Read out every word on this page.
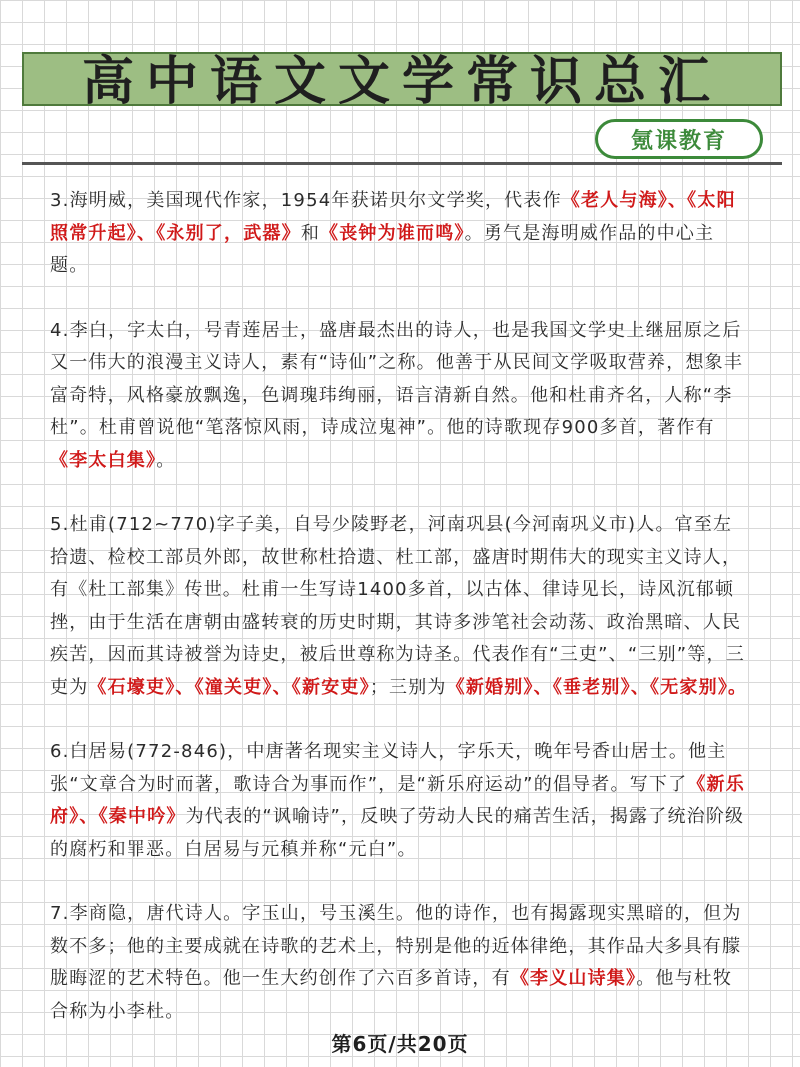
高中语文文学常识总汇
氪课教育

3.海明威，美国现代作家，1954年获诺贝尔文学奖，代表作《老人与海》、《太阳照常升起》、《永别了，武器》和《丧钟为谁而鸣》。勇气是海明威作品的中心主题。

4.李白，字太白，号青莲居士，盛唐最杰出的诗人，也是我国文学史上继屈原之后又一伟大的浪漫主义诗人，素有“诗仙”之称。他善于从民间文学吸取营养，想象丰富奇特，风格豪放飘逸，色调瑰玮绚丽，语言清新自然。他和杜甫齐名，人称“李杜”。杜甫曾说他“笔落惊风雨，诗成泣鬼神”。他的诗歌现存900多首，著作有《李太白集》。

5.杜甫(712~770)字子美，自号少陵野老，河南巩县(今河南巩义市)人。官至左拾遗、检校工部员外郎，故世称杜拾遗、杜工部，盛唐时期伟大的现实主义诗人，有《杜工部集》传世。杜甫一生写诗1400多首，以古体、律诗见长，诗风沉郁顿挫，由于生活在唐朝由盛转衰的历史时期，其诗多涉笔社会动荡、政治黑暗、人民疾苦，因而其诗被誉为诗史，被后世尊称为诗圣。代表作有“三吏”、“三别”等，三吏为《石壕吏》、《潼关吏》、《新安吏》；三别为《新婚别》、《垂老别》、《无家别》。

6.白居易(772-846)，中唐著名现实主义诗人，字乐天，晚年号香山居士。他主张“文章合为时而著，歌诗合为事而作”，是“新乐府运动”的倡导者。写下了《新乐府》、《秦中吟》为代表的“讽喻诗”，反映了劳动人民的痛苦生活，揭露了统治阶级的腐朽和罪恶。白居易与元稹并称“元白”。

7.李商隐，唐代诗人。字玉山，号玉溪生。他的诗作，也有揭露现实黑暗的，但为数不多；他的主要成就在诗歌的艺术上，特别是他的近体律绝，其作品大多具有朦胧晦涩的艺术特色。他一生大约创作了六百多首诗，有《李义山诗集》。他与杜牧合称为小李杜。

第6页/共20页
